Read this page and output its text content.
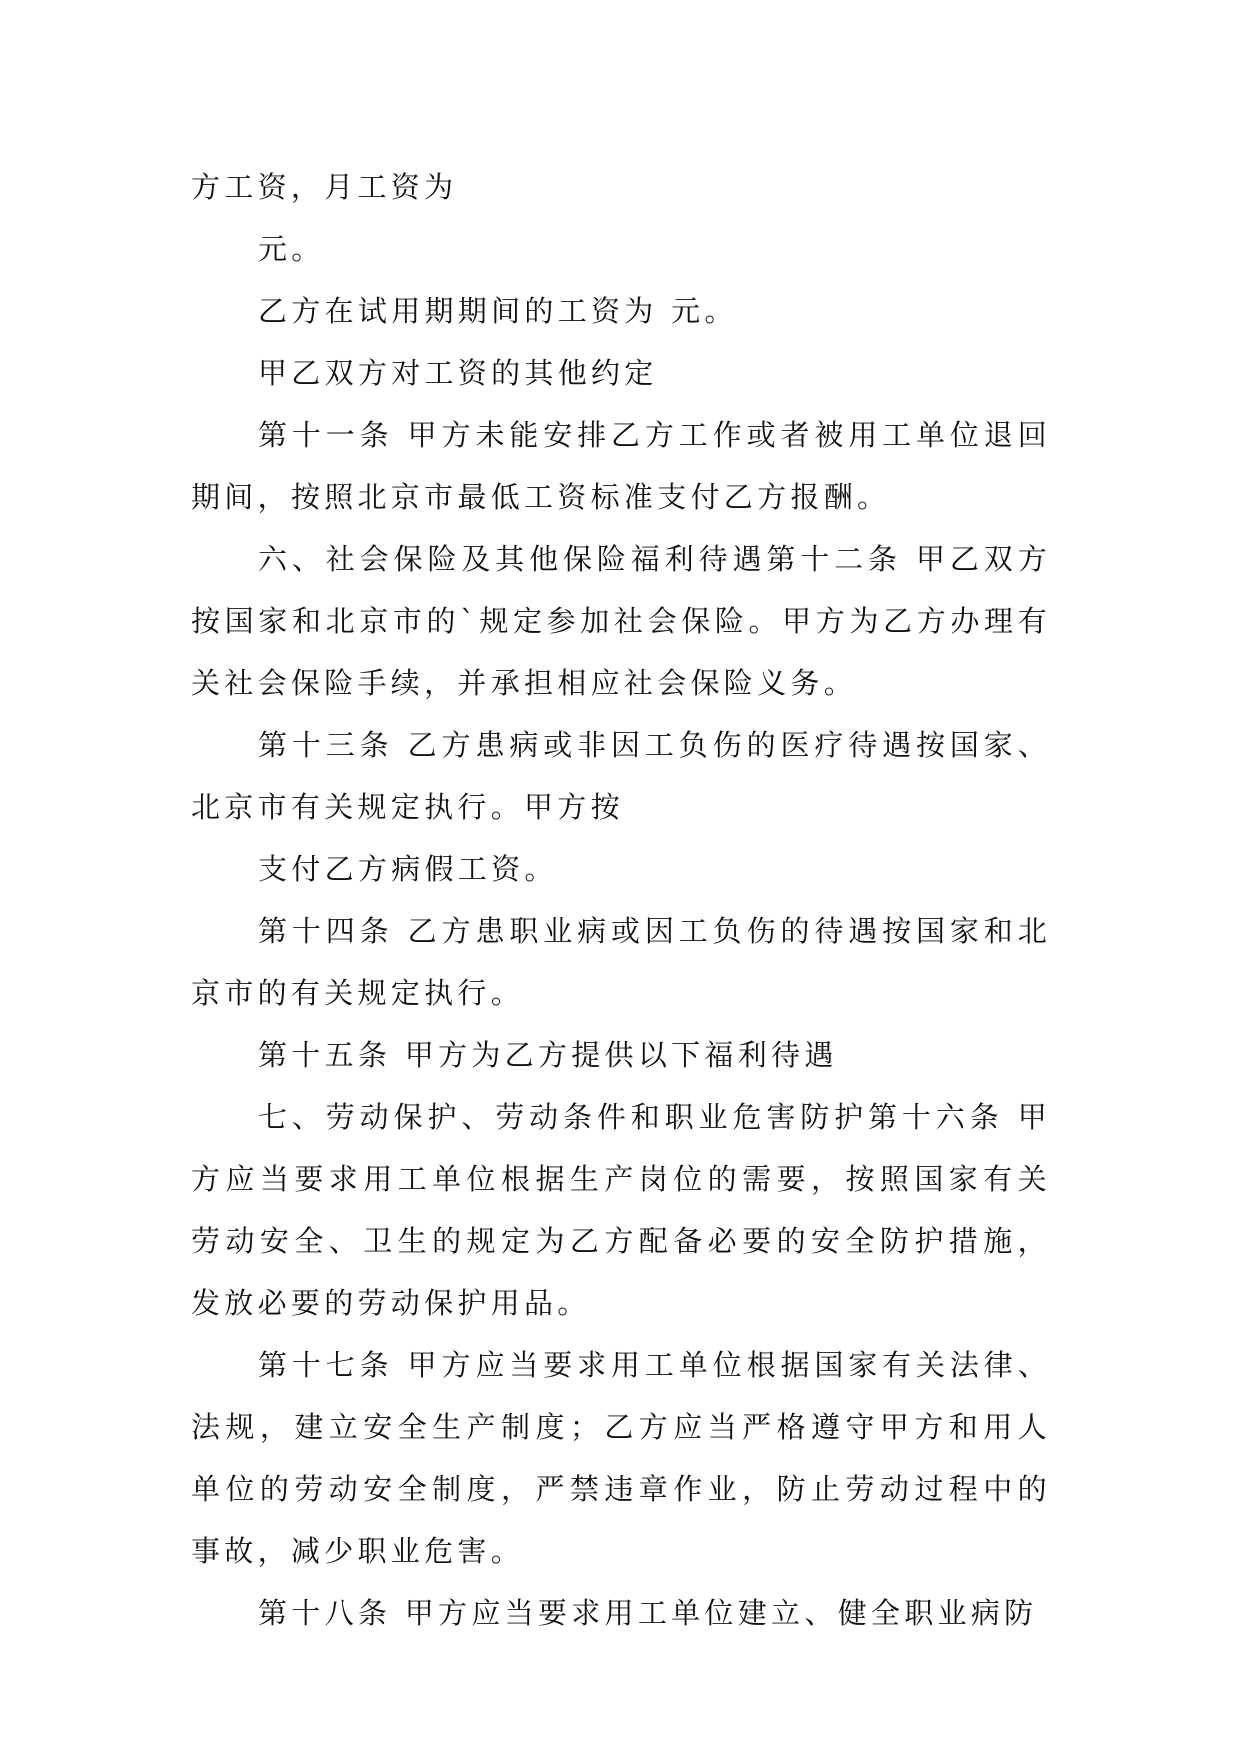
方工资，月工资为

元。

乙方在试用期期间的工资为 元。

甲乙双方对工资的其他约定

第十一条 甲方未能安排乙方工作或者被用工单位退回期间，按照北京市最低工资标准支付乙方报酬。

六、社会保险及其他保险福利待遇第十二条 甲乙双方按国家和北京市的`规定参加社会保险。甲方为乙方办理有关社会保险手续，并承担相应社会保险义务。

第十三条 乙方患病或非因工负伤的医疗待遇按国家、北京市有关规定执行。甲方按

支付乙方病假工资。

第十四条 乙方患职业病或因工负伤的待遇按国家和北京市的有关规定执行。

第十五条 甲方为乙方提供以下福利待遇

七、劳动保护、劳动条件和职业危害防护第十六条 甲方应当要求用工单位根据生产岗位的需要，按照国家有关劳动安全、卫生的规定为乙方配备必要的安全防护措施，发放必要的劳动保护用品。

第十七条 甲方应当要求用工单位根据国家有关法律、法规，建立安全生产制度；乙方应当严格遵守甲方和用人单位的劳动安全制度，严禁违章作业，防止劳动过程中的事故，减少职业危害。

第十八条 甲方应当要求用工单位建立、健全职业病防
